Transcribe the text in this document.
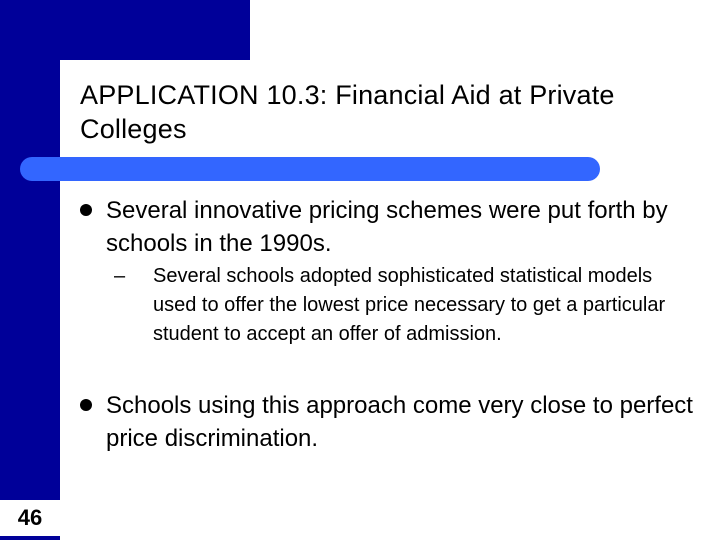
APPLICATION 10.3: Financial Aid at Private Colleges
Several innovative pricing schemes were put forth by schools in the 1990s.
–	Several schools adopted sophisticated statistical models used to offer the lowest price necessary to get a particular student to accept an offer of admission.
Schools using this approach come very close to perfect price discrimination.
46
